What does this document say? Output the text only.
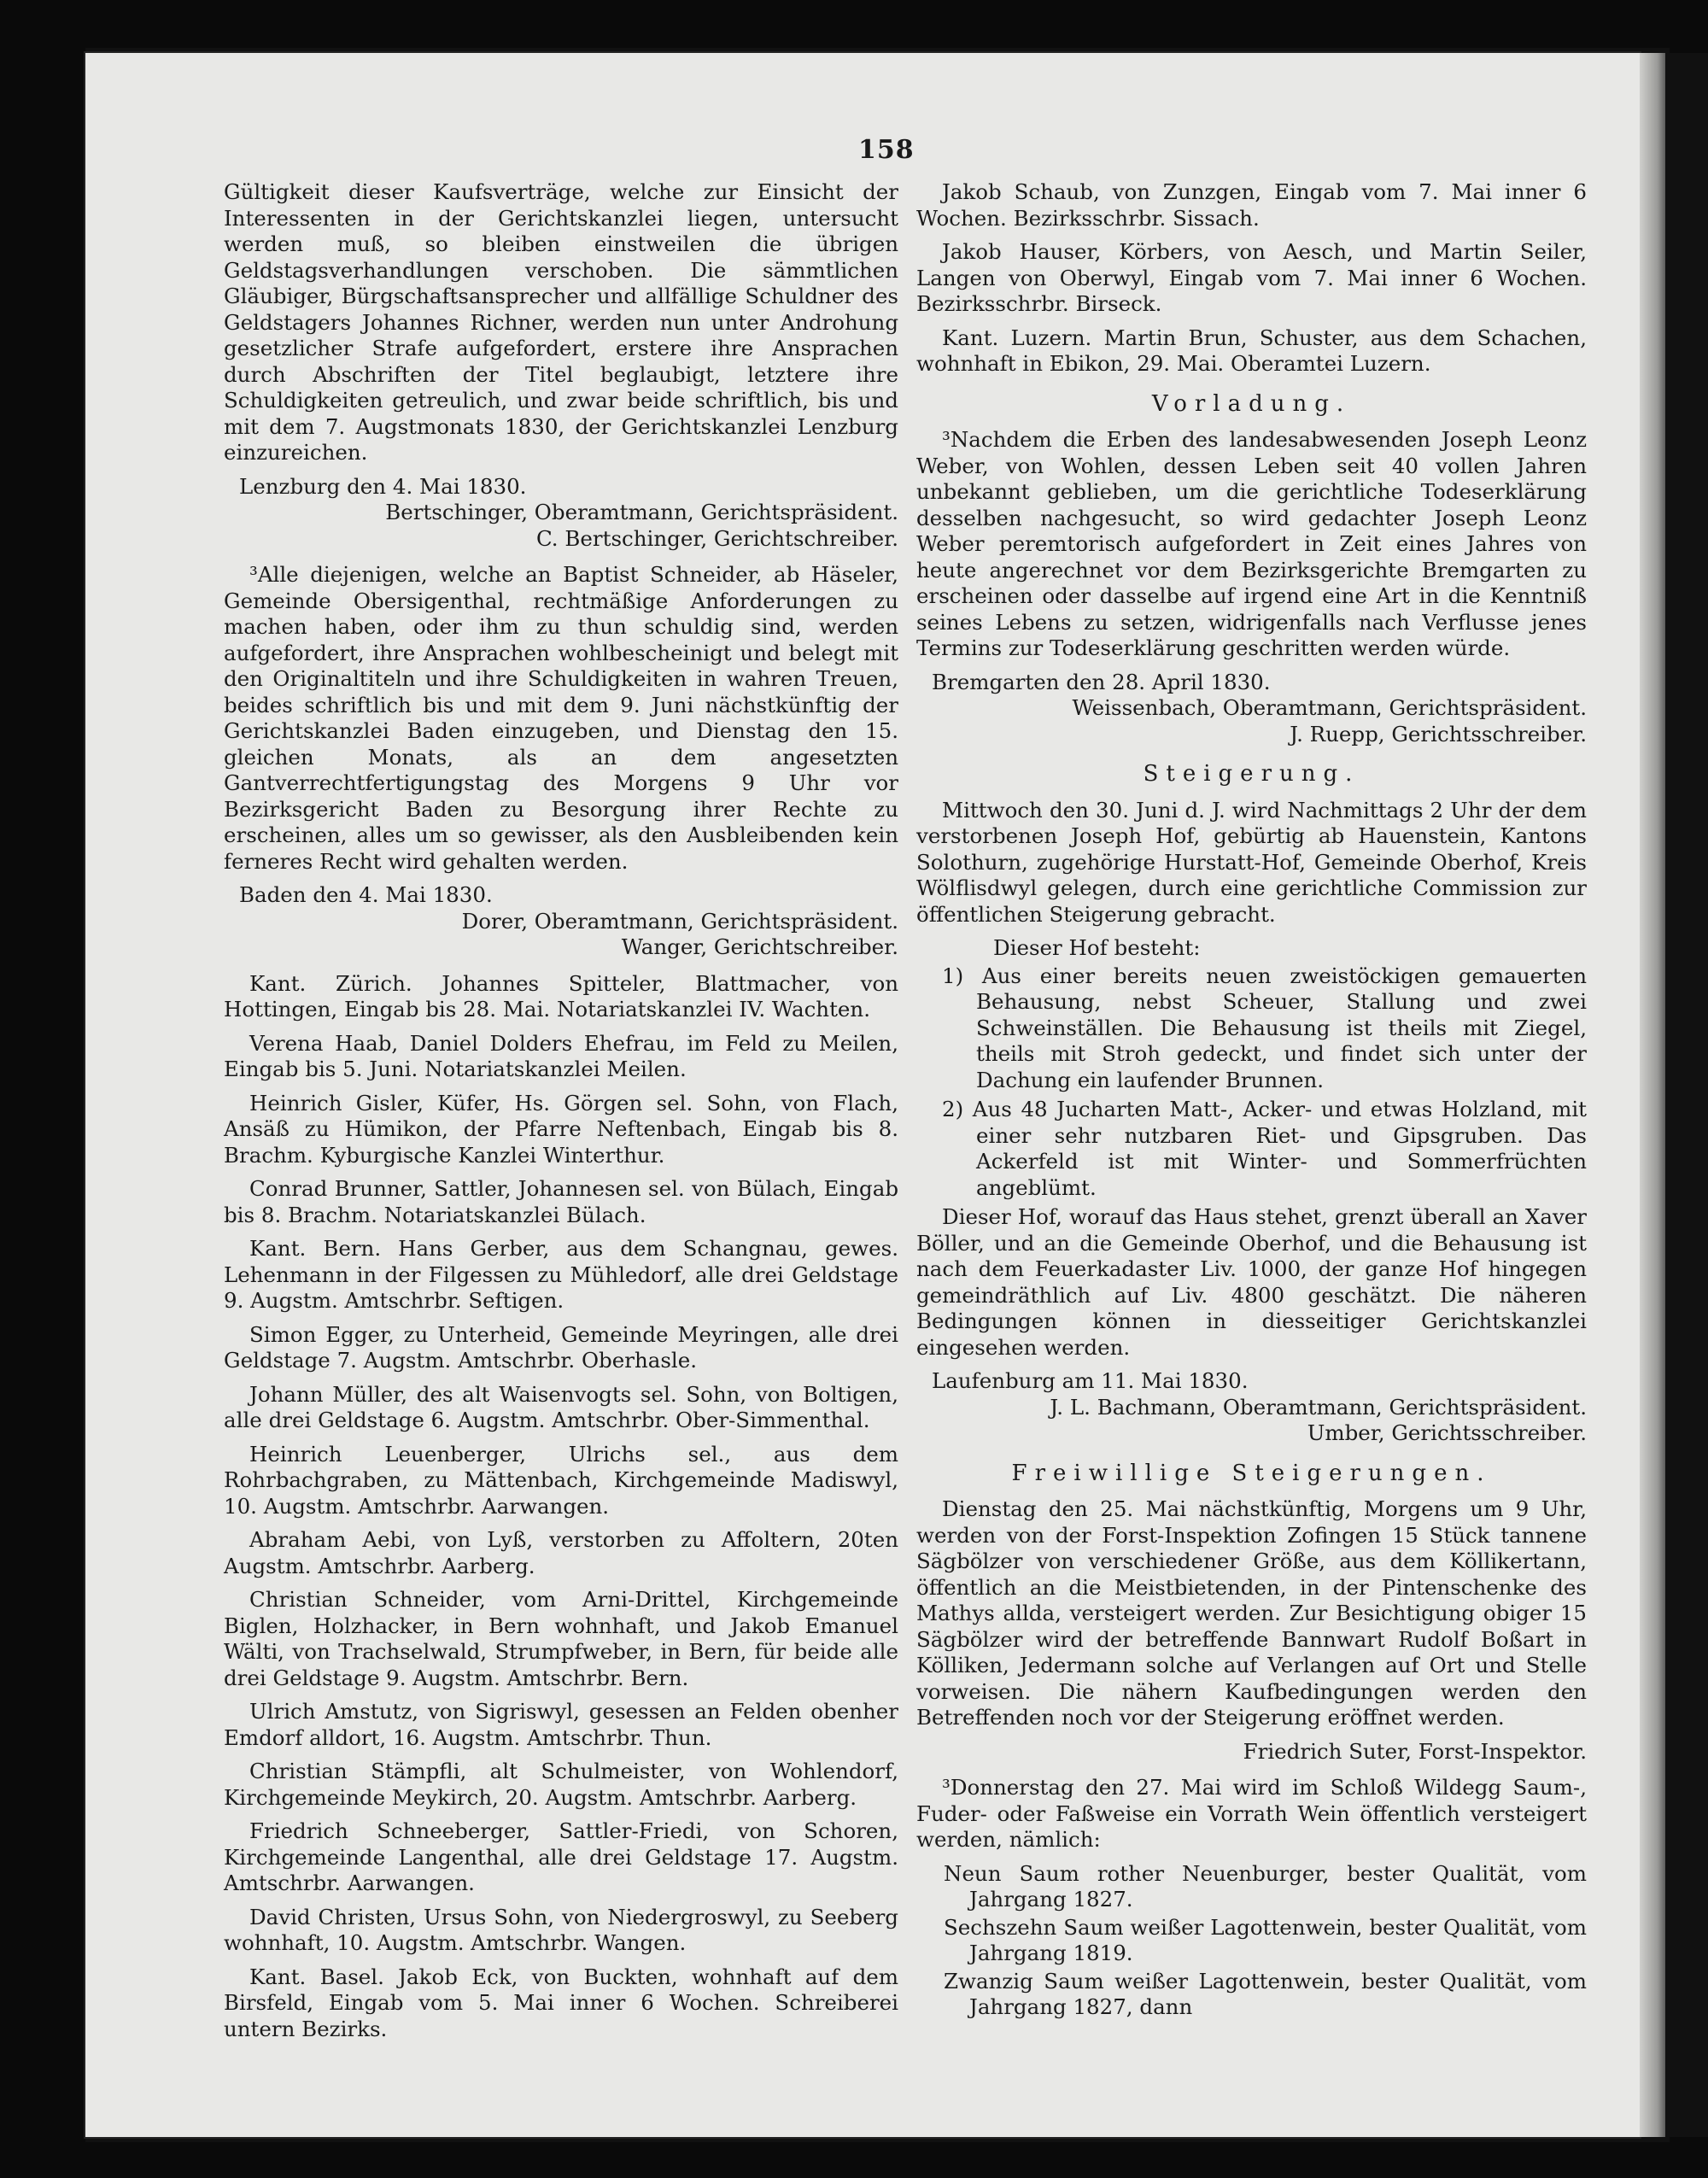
158

Gültigkeit dieser Kaufsverträge, welche zur Einsicht der Interessenten in der Gerichtskanzlei liegen, untersucht werden muß, so bleiben einstweilen die übrigen Geldstagsverhandlungen verschoben. Die sämmtlichen Gläubiger, Bürgschaftsansprecher und allfällige Schuldner des Geldstagers Johannes Richner, werden nun unter Androhung gesetzlicher Strafe aufgefordert, erstere ihre Ansprachen durch Abschriften der Titel beglaubigt, letztere ihre Schuldigkeiten getreulich, und zwar beide schriftlich, bis und mit dem 7. Augstmonats 1830, der Gerichtskanzlei Lenzburg einzureichen.

Lenzburg den 4. Mai 1830.

Bertschinger, Oberamtmann, Gerichtspräsident.

C. Bertschinger, Gerichtschreiber.

³Alle diejenigen, welche an Baptist Schneider, ab Häseler, Gemeinde Obersigenthal, rechtmäßige Anforderungen zu machen haben, oder ihm zu thun schuldig sind, werden aufgefordert, ihre Ansprachen wohlbescheinigt und belegt mit den Originaltiteln und ihre Schuldigkeiten in wahren Treuen, beides schriftlich bis und mit dem 9. Juni nächstkünftig der Gerichtskanzlei Baden einzugeben, und Dienstag den 15. gleichen Monats, als an dem angesetzten Gantverrechtfertigungstag des Morgens 9 Uhr vor Bezirksgericht Baden zu Besorgung ihrer Rechte zu erscheinen, alles um so gewisser, als den Ausbleibenden kein ferneres Recht wird gehalten werden.

Baden den 4. Mai 1830.

Dorer, Oberamtmann, Gerichtspräsident.

Wanger, Gerichtschreiber.

Kant. Zürich. Johannes Spitteler, Blattmacher, von Hottingen, Eingab bis 28. Mai. Notariatskanzlei IV. Wachten.

Verena Haab, Daniel Dolders Ehefrau, im Feld zu Meilen, Eingab bis 5. Juni. Notariatskanzlei Meilen.

Heinrich Gisler, Küfer, Hs. Görgen sel. Sohn, von Flach, Ansäß zu Hümikon, der Pfarre Neftenbach, Eingab bis 8. Brachm. Kyburgische Kanzlei Winterthur.

Conrad Brunner, Sattler, Johannesen sel. von Bülach, Eingab bis 8. Brachm. Notariatskanzlei Bülach.

Kant. Bern. Hans Gerber, aus dem Schangnau, gewes. Lehenmann in der Filgessen zu Mühledorf, alle drei Geldstage 9. Augstm. Amtschrbr. Seftigen.

Simon Egger, zu Unterheid, Gemeinde Meyringen, alle drei Geldstage 7. Augstm. Amtschrbr. Oberhasle.

Johann Müller, des alt Waisenvogts sel. Sohn, von Boltigen, alle drei Geldstage 6. Augstm. Amtschrbr. Ober-Simmenthal.

Heinrich Leuenberger, Ulrichs sel., aus dem Rohrbachgraben, zu Mättenbach, Kirchgemeinde Madiswyl, 10. Augstm. Amtschrbr. Aarwangen.

Abraham Aebi, von Lyß, verstorben zu Affoltern, 20ten Augstm. Amtschrbr. Aarberg.

Christian Schneider, vom Arni-Drittel, Kirchgemeinde Biglen, Holzhacker, in Bern wohnhaft, und Jakob Emanuel Wälti, von Trachselwald, Strumpfweber, in Bern, für beide alle drei Geldstage 9. Augstm. Amtschrbr. Bern.

Ulrich Amstutz, von Sigriswyl, gesessen an Felden obenher Emdorf alldort, 16. Augstm. Amtschrbr. Thun.

Christian Stämpfli, alt Schulmeister, von Wohlendorf, Kirchgemeinde Meykirch, 20. Augstm. Amtschrbr. Aarberg.

Friedrich Schneeberger, Sattler-Friedi, von Schoren, Kirchgemeinde Langenthal, alle drei Geldstage 17. Augstm. Amtschrbr. Aarwangen.

David Christen, Ursus Sohn, von Niedergroswyl, zu Seeberg wohnhaft, 10. Augstm. Amtschrbr. Wangen.

Kant. Basel. Jakob Eck, von Buckten, wohnhaft auf dem Birsfeld, Eingab vom 5. Mai inner 6 Wochen. Schreiberei untern Bezirks.

Jakob Schaub, von Zunzgen, Eingab vom 7. Mai inner 6 Wochen. Bezirksschrbr. Sissach.

Jakob Hauser, Körbers, von Aesch, und Martin Seiler, Langen von Oberwyl, Eingab vom 7. Mai inner 6 Wochen. Bezirksschrbr. Birseck.

Kant. Luzern. Martin Brun, Schuster, aus dem Schachen, wohnhaft in Ebikon, 29. Mai. Oberamtei Luzern.

Vorladung.

³Nachdem die Erben des landesabwesenden Joseph Leonz Weber, von Wohlen, dessen Leben seit 40 vollen Jahren unbekannt geblieben, um die gerichtliche Todeserklärung desselben nachgesucht, so wird gedachter Joseph Leonz Weber peremtorisch aufgefordert in Zeit eines Jahres von heute angerechnet vor dem Bezirksgerichte Bremgarten zu erscheinen oder dasselbe auf irgend eine Art in die Kenntniß seines Lebens zu setzen, widrigenfalls nach Verflusse jenes Termins zur Todeserklärung geschritten werden würde.

Bremgarten den 28. April 1830.

Weissenbach, Oberamtmann, Gerichtspräsident.

J. Ruepp, Gerichtsschreiber.

Steigerung.

Mittwoch den 30. Juni d. J. wird Nachmittags 2 Uhr der dem verstorbenen Joseph Hof, gebürtig ab Hauenstein, Kantons Solothurn, zugehörige Hurstatt-Hof, Gemeinde Oberhof, Kreis Wölflisdwyl gelegen, durch eine gerichtliche Commission zur öffentlichen Steigerung gebracht.

Dieser Hof besteht:

1) Aus einer bereits neuen zweistöckigen gemauerten Behausung, nebst Scheuer, Stallung und zwei Schweinställen. Die Behausung ist theils mit Ziegel, theils mit Stroh gedeckt, und findet sich unter der Dachung ein laufender Brunnen.

2) Aus 48 Jucharten Matt-, Acker- und etwas Holzland, mit einer sehr nutzbaren Riet- und Gipsgruben. Das Ackerfeld ist mit Winter- und Sommerfrüchten angeblümt.

Dieser Hof, worauf das Haus stehet, grenzt überall an Xaver Böller, und an die Gemeinde Oberhof, und die Behausung ist nach dem Feuerkadaster Liv. 1000, der ganze Hof hingegen gemeindräthlich auf Liv. 4800 geschätzt. Die näheren Bedingungen können in diesseitiger Gerichtskanzlei eingesehen werden.

Laufenburg am 11. Mai 1830.

J. L. Bachmann, Oberamtmann, Gerichtspräsident.

Umber, Gerichtsschreiber.

Freiwillige Steigerungen.

Dienstag den 25. Mai nächstkünftig, Morgens um 9 Uhr, werden von der Forst-Inspektion Zofingen 15 Stück tannene Sägbölzer von verschiedener Größe, aus dem Köllikertann, öffentlich an die Meistbietenden, in der Pintenschenke des Mathys allda, versteigert werden. Zur Besichtigung obiger 15 Sägbölzer wird der betreffende Bannwart Rudolf Boßart in Kölliken, Jedermann solche auf Verlangen auf Ort und Stelle vorweisen. Die nähern Kaufbedingungen werden den Betreffenden noch vor der Steigerung eröffnet werden.

Friedrich Suter, Forst-Inspektor.

³Donnerstag den 27. Mai wird im Schloß Wildegg Saum-, Fuder- oder Faßweise ein Vorrath Wein öffentlich versteigert werden, nämlich:

Neun Saum rother Neuenburger, bester Qualität, vom Jahrgang 1827.

Sechszehn Saum weißer Lagottenwein, bester Qualität, vom Jahrgang 1819.

Zwanzig Saum weißer Lagottenwein, bester Qualität, vom Jahrgang 1827, dann
